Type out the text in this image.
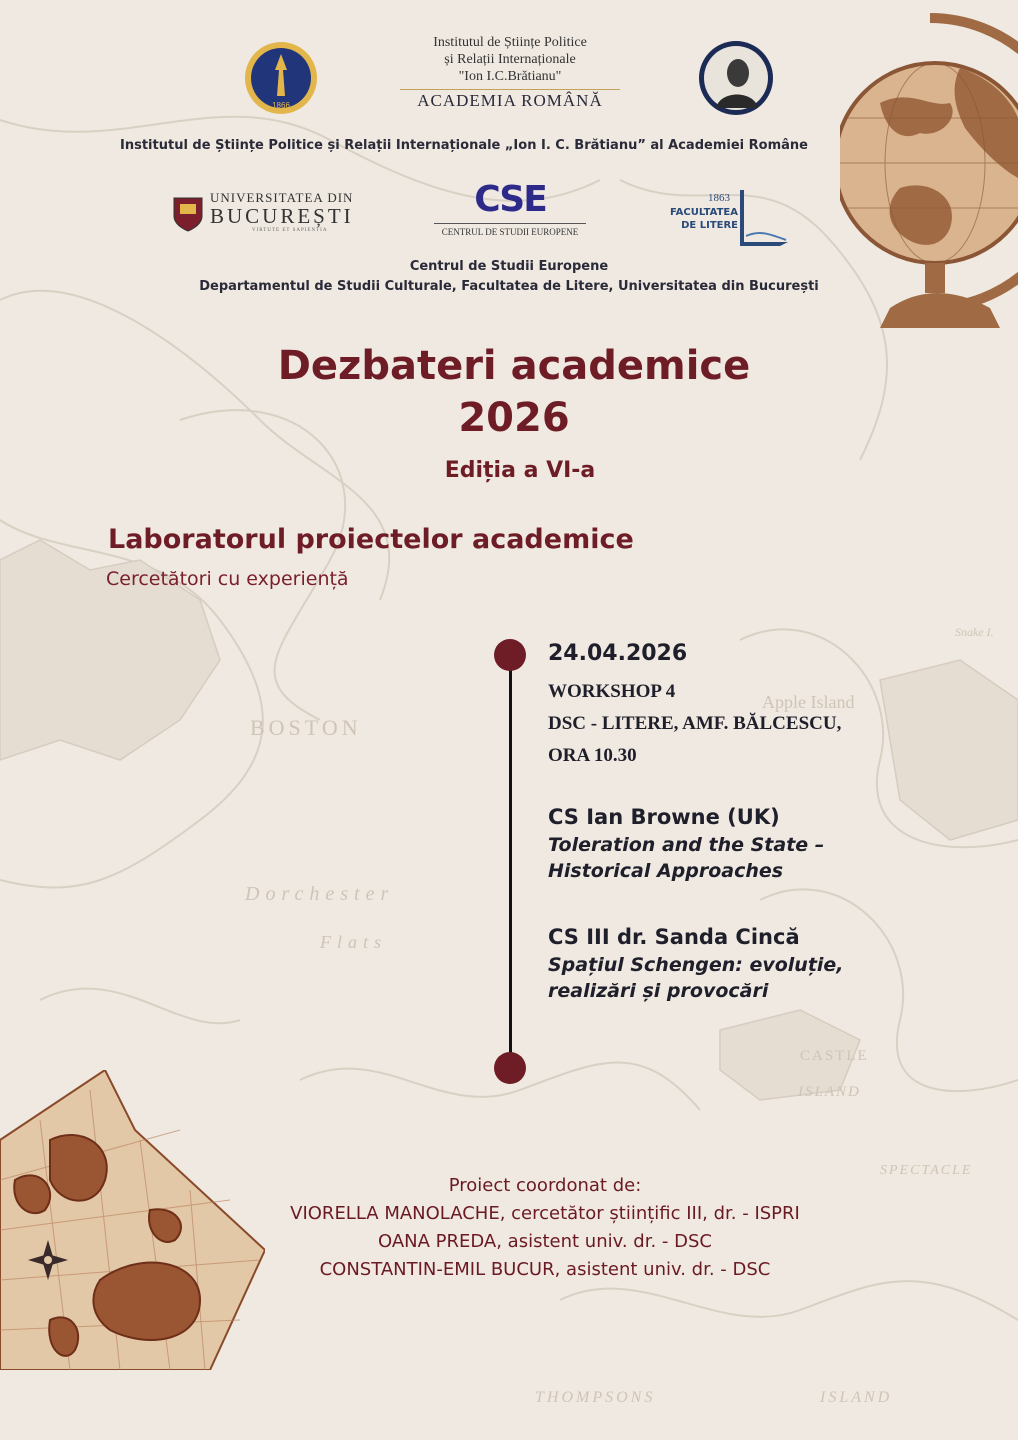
BOSTON
Dorchester
Flats
Apple Island
CASTLE
ISLAND
THOMPSONS	ISLAND
SPECTACLE
Snake I.
1866
Institutul de Științe Politice
și Relații Internaționale
"Ion I.C.Brătianu"
ACADEMIA ROMÂNĂ
Institutul de Științe Politice și Relații Internaționale „Ion I. C. Brătianu” al Academiei Române
UNIVERSITATEA DIN
BUCUREȘTI
VIRTUTE ET SAPIENTIA
CSE
CENTRUL DE STUDII EUROPENE
1863
FACULTATEA
DE LITERE
Centrul de Studii Europene
Departamentul de Studii Culturale, Facultatea de Litere, Universitatea din București
Dezbateri academice
2026
Ediția a VI-a
Laboratorul proiectelor academice
Cercetători cu experiență
24.04.2026
WORKSHOP 4
DSC - LITERE, AMF. BĂLCESCU,
ORA 10.30
CS Ian Browne (UK)
Toleration and the State –
Historical Approaches
CS III dr. Sanda Cincă
Spațiul Schengen: evoluție,
realizări și provocări
Proiect coordonat de:
VIORELLA MANOLACHE, cercetător științific III, dr. - ISPRI
OANA PREDA, asistent univ. dr. - DSC
CONSTANTIN-EMIL BUCUR, asistent univ. dr. - DSC
